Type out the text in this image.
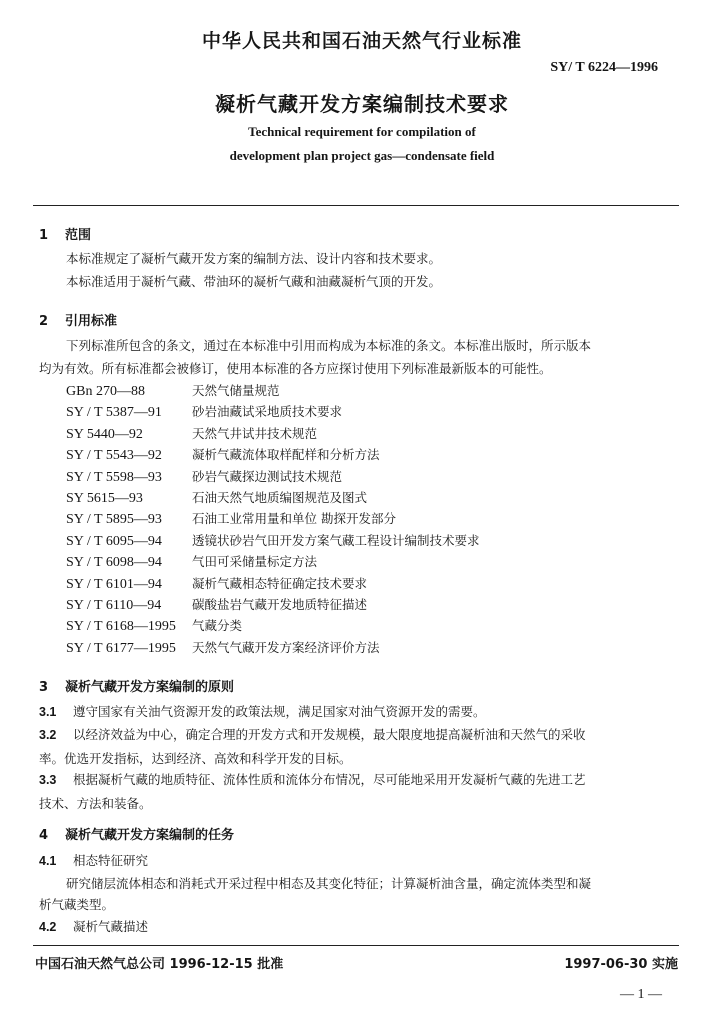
中华人民共和国石油天然气行业标准
SY/ T 6224—1996
凝析气藏开发方案编制技术要求
Technical requirement for compilation of
development plan project gas—condensate field
1 范围
本标准规定了凝析气藏开发方案的编制方法、设计内容和技术要求。
本标准适用于凝析气藏、带油环的凝析气藏和油藏凝析气顶的开发。
2 引用标准
下列标准所包含的条文，通过在本标准中引用而构成为本标准的条文。本标准出版时，所示版本
均为有效。所有标准都会被修订，使用本标准的各方应探讨使用下列标准最新版本的可能性。
GBn 270—88	天然气储量规范
SY / T 5387—91 砂岩油藏试采地质技术要求
SY 5440—92	天然气井试井技术规范
SY / T 5543—92 凝析气藏流体取样配样和分析方法
SY / T 5598—93 砂岩气藏探边测试技术规范
SY 5615—93	石油天然气地质编图规范及图式
SY / T 5895—93 石油工业常用量和单位 勘探开发部分
SY / T 6095—94 透镜状砂岩气田开发方案气藏工程设计编制技术要求
SY / T 6098—94 气田可采储量标定方法
SY / T 6101—94 凝析气藏相态特征确定技术要求
SY / T 6110—94 碳酸盐岩气藏开发地质特征描述
SY / T 6168—1995 气藏分类
SY / T 6177—1995 天然气气藏开发方案经济评价方法
3 凝析气藏开发方案编制的原则
3.1 遵守国家有关油气资源开发的政策法规，满足国家对油气资源开发的需要。
3.2 以经济效益为中心，确定合理的开发方式和开发规模，最大限度地提高凝析油和天然气的采收
率。优选开发指标，达到经济、高效和科学开发的目标。
3.3 根据凝析气藏的地质特征、流体性质和流体分布情况，尽可能地采用开发凝析气藏的先进工艺
技术、方法和装备。
4 凝析气藏开发方案编制的任务
4.1 相态特征研究
研究储层流体相态和消耗式开采过程中相态及其变化特征；计算凝析油含量，确定流体类型和凝
析气藏类型。
4.2 凝析气藏描述
中国石油天然气总公司 1996-12-15 批准	1997-06-30 实施
— 1 —
